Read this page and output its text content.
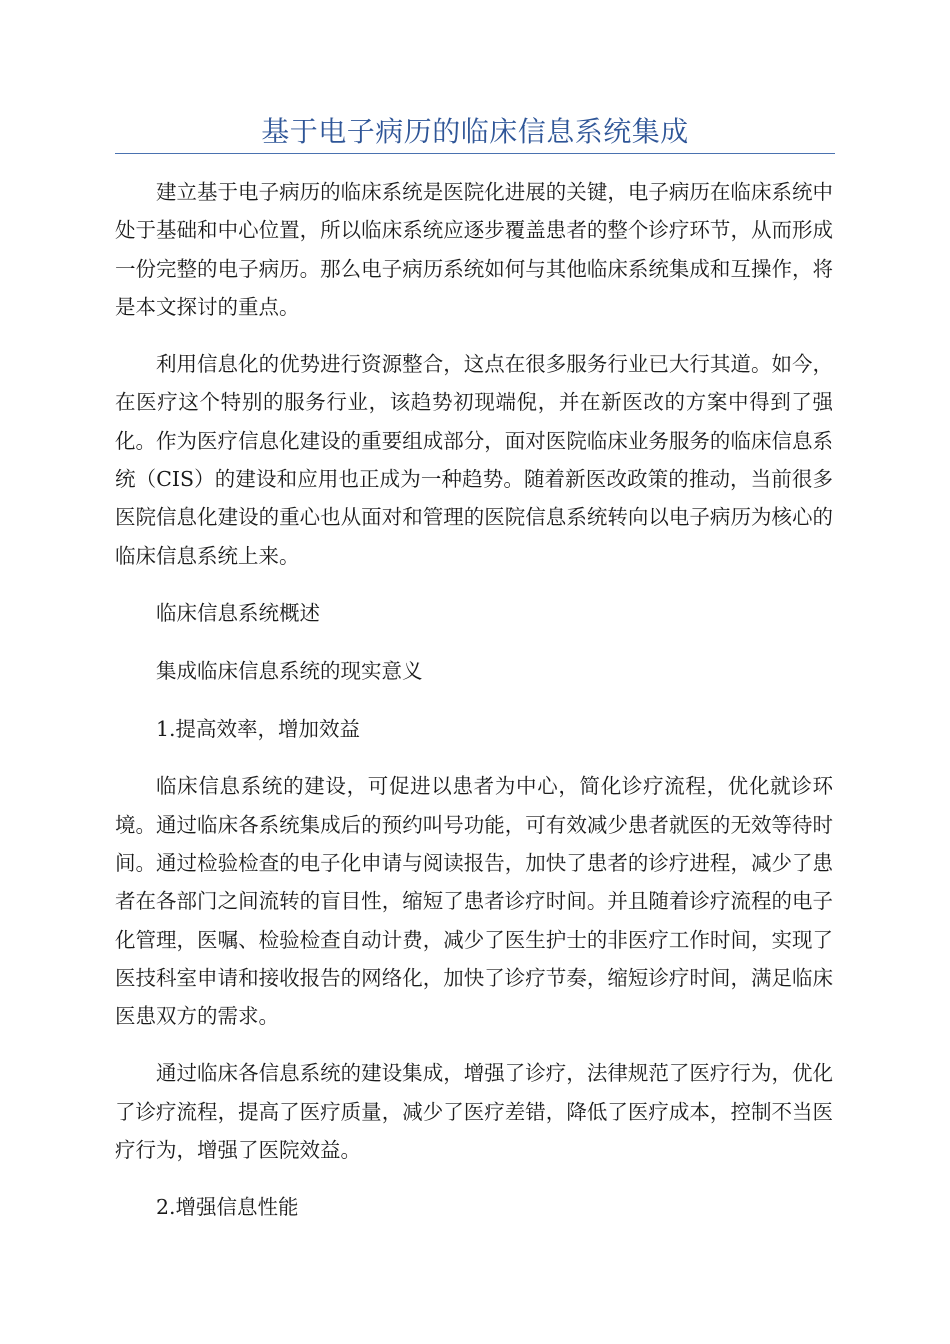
基于电子病历的临床信息系统集成

建立基于电子病历的临床系统是医院化进展的关键，电子病历在临床系统中处于基础和中心位置，所以临床系统应逐步覆盖患者的整个诊疗环节，从而形成一份完整的电子病历。那么电子病历系统如何与其他临床系统集成和互操作，将是本文探讨的重点。

利用信息化的优势进行资源整合，这点在很多服务行业已大行其道。如今，在医疗这个特别的服务行业，该趋势初现端倪，并在新医改的方案中得到了强化。作为医疗信息化建设的重要组成部分，面对医院临床业务服务的临床信息系统（CIS）的建设和应用也正成为一种趋势。随着新医改政策的推动，当前很多医院信息化建设的重心也从面对和管理的医院信息系统转向以电子病历为核心的临床信息系统上来。

临床信息系统概述

集成临床信息系统的现实意义

1.提高效率，增加效益

临床信息系统的建设，可促进以患者为中心，简化诊疗流程，优化就诊环境。通过临床各系统集成后的预约叫号功能，可有效减少患者就医的无效等待时间。通过检验检查的电子化申请与阅读报告，加快了患者的诊疗进程，减少了患者在各部门之间流转的盲目性，缩短了患者诊疗时间。并且随着诊疗流程的电子化管理，医嘱、检验检查自动计费，减少了医生护士的非医疗工作时间，实现了医技科室申请和接收报告的网络化，加快了诊疗节奏，缩短诊疗时间，满足临床医患双方的需求。

通过临床各信息系统的建设集成，增强了诊疗，法律规范了医疗行为，优化了诊疗流程，提高了医疗质量，减少了医疗差错，降低了医疗成本，控制不当医疗行为，增强了医院效益。

2.增强信息性能
